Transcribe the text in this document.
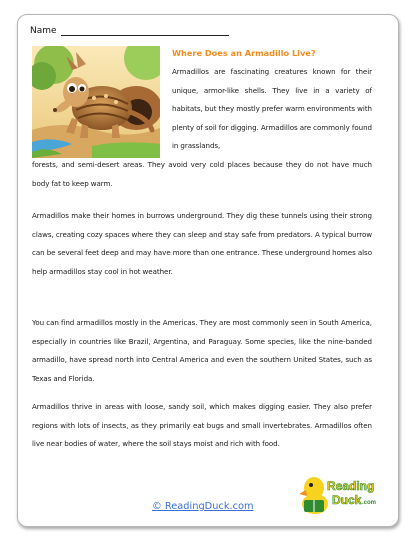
Name
Where Does an Armadillo Live?

Armadillos are fascinating creatures known for their unique, armor-like shells. They live in a variety of habitats, but they mostly prefer warm environments with plenty of soil for digging. Armadillos are commonly found in grasslands,

forests, and semi-desert areas. They avoid very cold places because they do not have much body fat to keep warm.

Armadillos make their homes in burrows underground. They dig these tunnels using their strong claws, creating cozy spaces where they can sleep and stay safe from predators. A typical burrow can be several feet deep and may have more than one entrance. These underground homes also help armadillos stay cool in hot weather.

You can find armadillos mostly in the Americas. They are most commonly seen in South America, especially in countries like Brazil, Argentina, and Paraguay. Some species, like the nine-banded armadillo, have spread north into Central America and even the southern United States, such as Texas and Florida.

Armadillos thrive in areas with loose, sandy soil, which makes digging easier. They also prefer regions with lots of insects, as they primarily eat bugs and small invertebrates. Armadillos often live near bodies of water, where the soil stays moist and rich with food.

© ReadingDuck.com
Reading
Duck .com
